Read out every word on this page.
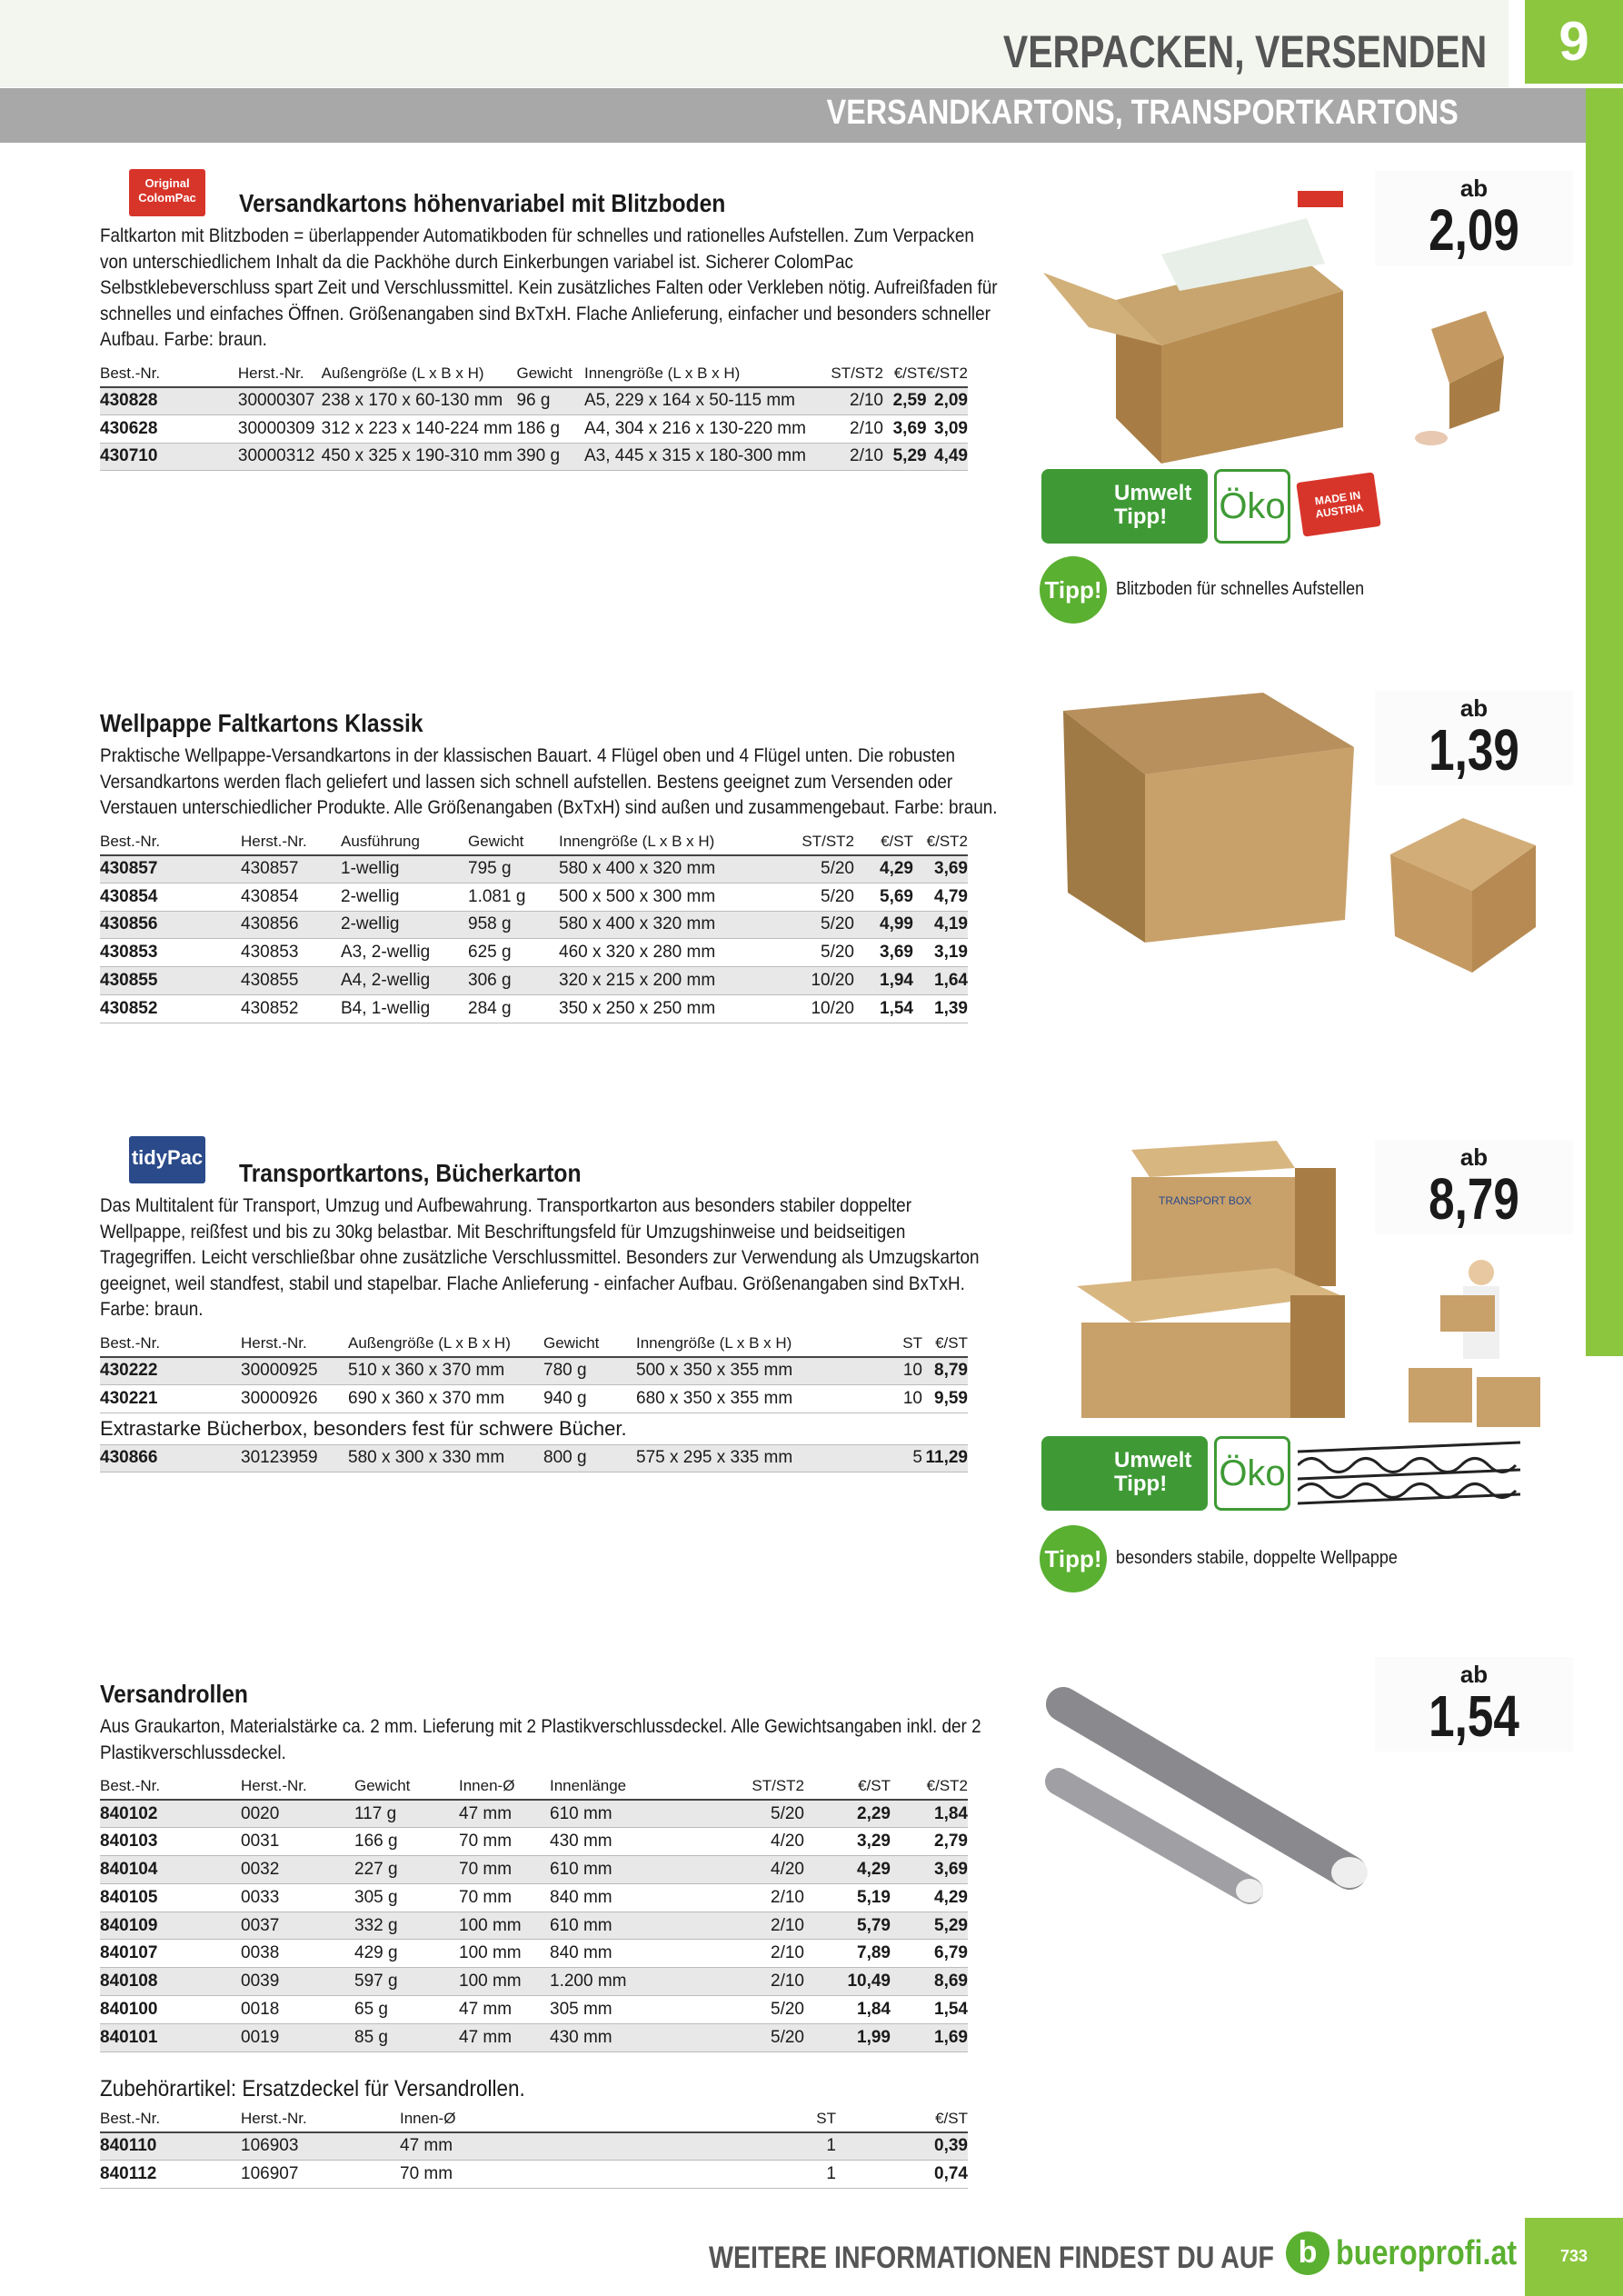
VERPACKEN, VERSENDEN	9
VERSANDKARTONS, TRANSPORTKARTONS
Original ColomPac	Versandkartons höhenvariabel mit Blitzboden
Faltkarton mit Blitzboden = überlappender Automatikboden für schnelles und rationelles Aufstellen. Zum Verpacken von unterschiedlichem Inhalt da die Packhöhe durch Einkerbungen variabel ist. Sicherer ColomPac Selbstklebeverschluss spart Zeit und Verschlussmittel. Kein zusätzliches Falten oder Verkleben nötig. Aufreißfaden für schnelles und einfaches Öffnen. Größenangaben sind BxTxH. Flache Anlieferung, einfacher und besonders schneller Aufbau. Farbe: braun.
Best.-Nr.	Herst.-Nr.	Außengröße (L x B x H)	Gewicht	Innengröße (L x B x H)	ST/ST2	€/ST	€/ST2
430828	30000307	238 x 170 x 60-130 mm	96 g	A5, 229 x 164 x 50-115 mm	2/10	2,59	2,09
430628	30000309	312 x 223 x 140-224 mm	186 g	A4, 304 x 216 x 130-220 mm	2/10	3,69	3,09
430710	30000312	450 x 325 x 190-310 mm	390 g	A3, 445 x 315 x 180-300 mm	2/10	5,29	4,49
ab
2,09
Umwelt Tipp!	Öko	MADE IN AUSTRIA
Tipp! Blitzboden für schnelles Aufstellen
Wellpappe Faltkartons Klassik
Praktische Wellpappe-Versandkartons in der klassischen Bauart. 4 Flügel oben und 4 Flügel unten. Die robusten Versandkartons werden flach geliefert und lassen sich schnell aufstellen. Bestens geeignet zum Versenden oder Verstauen unterschiedlicher Produkte. Alle Größenangaben (BxTxH) sind außen und zusammengebaut. Farbe: braun.
Best.-Nr.	Herst.-Nr.	Ausführung	Gewicht	Innengröße (L x B x H)	ST/ST2	€/ST	€/ST2
430857	430857	1-wellig	795 g	580 x 400 x 320 mm	5/20	4,29	3,69
430854	430854	2-wellig	1.081 g	500 x 500 x 300 mm	5/20	5,69	4,79
430856	430856	2-wellig	958 g	580 x 400 x 320 mm	5/20	4,99	4,19
430853	430853	A3, 2-wellig	625 g	460 x 320 x 280 mm	5/20	3,69	3,19
430855	430855	A4, 2-wellig	306 g	320 x 215 x 200 mm	10/20	1,94	1,64
430852	430852	B4, 1-wellig	284 g	350 x 250 x 250 mm	10/20	1,54	1,39
ab
1,39
tidyPac
Transportkartons, Bücherkarton
Das Multitalent für Transport, Umzug und Aufbewahrung. Transportkarton aus besonders stabiler doppelter Wellpappe, reißfest und bis zu 30kg belastbar. Mit Beschriftungsfeld für Umzugshinweise und beidseitigen Tragegriffen. Leicht verschließbar ohne zusätzliche Verschlussmittel. Besonders zur Verwendung als Umzugskarton geeignet, weil standfest, stabil und stapelbar. Flache Anlieferung - einfacher Aufbau. Größenangaben sind BxTxH. Farbe: braun.
Best.-Nr.	Herst.-Nr.	Außengröße (L x B x H)	Gewicht	Innengröße (L x B x H)	ST	€/ST
430222	30000925	510 x 360 x 370 mm	780 g	500 x 350 x 355 mm	10	8,79
430221	30000926	690 x 360 x 370 mm	940 g	680 x 350 x 355 mm	10	9,59
Extrastarke Bücherbox, besonders fest für schwere Bücher.						
430866	30123959	580 x 300 x 330 mm	800 g	575 x 295 x 335 mm	5	11,29
ab
8,79
TRANSPORT BOX
Umwelt Tipp!	Öko
Tipp! besonders stabile, doppelte Wellpappe
Versandrollen
Aus Graukarton, Materialstärke ca. 2 mm. Lieferung mit 2 Plastikverschlussdeckel. Alle Gewichtsangaben inkl. der 2 Plastikverschlussdeckel.
Best.-Nr.	Herst.-Nr.	Gewicht	Innen-Ø	Innenlänge	ST/ST2	€/ST	€/ST2
840102	0020	117 g	47 mm	610 mm	5/20	2,29	1,84
840103	0031	166 g	70 mm	430 mm	4/20	3,29	2,79
840104	0032	227 g	70 mm	610 mm	4/20	4,29	3,69
840105	0033	305 g	70 mm	840 mm	2/10	5,19	4,29
840109	0037	332 g	100 mm	610 mm	2/10	5,79	5,29
840107	0038	429 g	100 mm	840 mm	2/10	7,89	6,79
840108	0039	597 g	100 mm	1.200 mm	2/10	10,49	8,69
840100	0018	65 g	47 mm	305 mm	5/20	1,84	1,54
840101	0019	85 g	47 mm	430 mm	5/20	1,99	1,69
Zubehörartikel: Ersatzdeckel für Versandrollen.
Best.-Nr.	Herst.-Nr.	Innen-Ø	ST	€/ST
840110	106903	47 mm	1	0,39
840112	106907	70 mm	1	0,74
ab
1,54
WEITERE INFORMATIONEN FINDEST DU AUF b bueroprofi.at	733
